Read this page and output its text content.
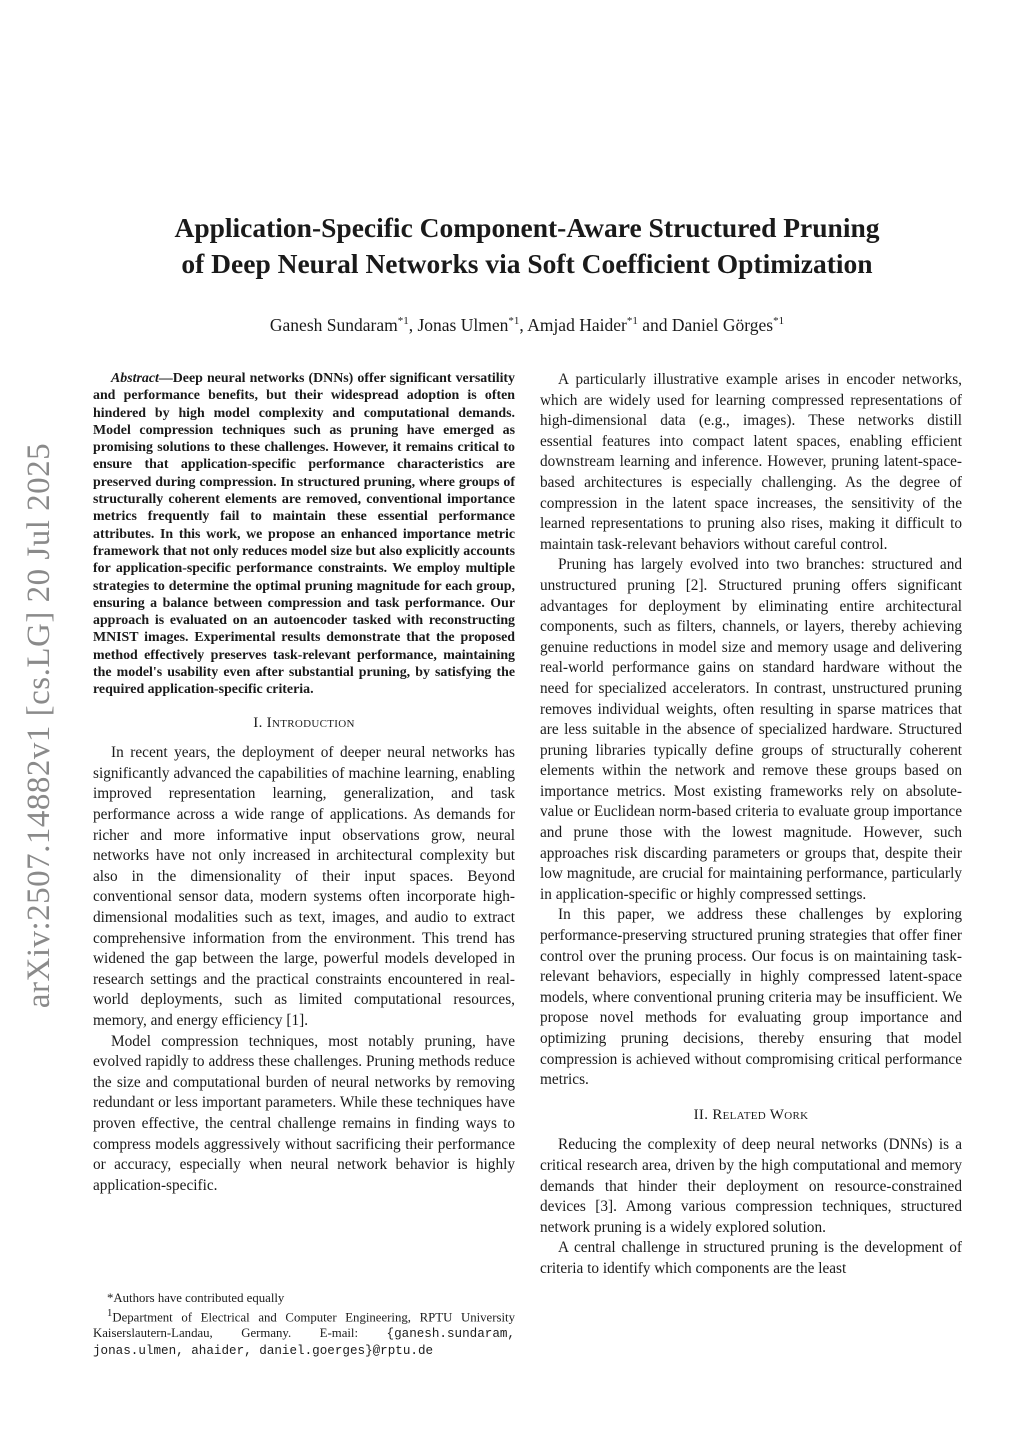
arXiv:2507.14882v1 [cs.LG] 20 Jul 2025
Application-Specific Component-Aware Structured Pruning
of Deep Neural Networks via Soft Coefficient Optimization
Ganesh Sundaram$^{*1}$, Jonas Ulmen$^{*1}$, Amjad Haider$^{*1}$ and Daniel Görges$^{*1}$

Abstract—Deep neural networks (DNNs) offer significant versatility and performance benefits, but their widespread adoption is often hindered by high model complexity and computational demands. Model compression techniques such as pruning have emerged as promising solutions to these challenges. However, it remains critical to ensure that application-specific performance characteristics are preserved during compression. In structured pruning, where groups of structurally coherent elements are removed, conventional importance metrics frequently fail to maintain these essential performance attributes. In this work, we propose an enhanced importance metric framework that not only reduces model size but also explicitly accounts for application-specific performance constraints. We employ multiple strategies to determine the optimal pruning magnitude for each group, ensuring a balance between compression and task performance. Our approach is evaluated on an autoencoder tasked with reconstructing MNIST images. Experimental results demonstrate that the proposed method effectively preserves task-relevant performance, maintaining the model's usability even after substantial pruning, by satisfying the required application-specific criteria.

I. Introduction

In recent years, the deployment of deeper neural networks has significantly advanced the capabilities of machine learning, enabling improved representation learning, generalization, and task performance across a wide range of applications. As demands for richer and more informative input observations grow, neural networks have not only increased in architectural complexity but also in the dimensionality of their input spaces. Beyond conventional sensor data, modern systems often incorporate high-dimensional modalities such as text, images, and audio to extract comprehensive information from the environment. This trend has widened the gap between the large, powerful models developed in research settings and the practical constraints encountered in real-world deployments, such as limited computational resources, memory, and energy efficiency [1].

Model compression techniques, most notably pruning, have evolved rapidly to address these challenges. Pruning methods reduce the size and computational burden of neural networks by removing redundant or less important parameters. While these techniques have proven effective, the central challenge remains in finding ways to compress models aggressively without sacrificing their performance or accuracy, especially when neural network behavior is highly application-specific.

A particularly illustrative example arises in encoder networks, which are widely used for learning compressed representations of high-dimensional data (e.g., images). These networks distill essential features into compact latent spaces, enabling efficient downstream learning and inference. However, pruning latent-space-based architectures is especially challenging. As the degree of compression in the latent space increases, the sensitivity of the learned representations to pruning also rises, making it difficult to maintain task-relevant behaviors without careful control.

Pruning has largely evolved into two branches: structured and unstructured pruning [2]. Structured pruning offers significant advantages for deployment by eliminating entire architectural components, such as filters, channels, or layers, thereby achieving genuine reductions in model size and memory usage and delivering real-world performance gains on standard hardware without the need for specialized accelerators. In contrast, unstructured pruning removes individual weights, often resulting in sparse matrices that are less suitable in the absence of specialized hardware. Structured pruning libraries typically define groups of structurally coherent elements within the network and remove these groups based on importance metrics. Most existing frameworks rely on absolute-value or Euclidean norm-based criteria to evaluate group importance and prune those with the lowest magnitude. However, such approaches risk discarding parameters or groups that, despite their low magnitude, are crucial for maintaining performance, particularly in application-specific or highly compressed settings.

In this paper, we address these challenges by exploring performance-preserving structured pruning strategies that offer finer control over the pruning process. Our focus is on maintaining task-relevant behaviors, especially in highly compressed latent-space models, where conventional pruning criteria may be insufficient. We propose novel methods for evaluating group importance and optimizing pruning decisions, thereby ensuring that model compression is achieved without compromising critical performance metrics.

II. Related Work

Reducing the complexity of deep neural networks (DNNs) is a critical research area, driven by the high computational and memory demands that hinder their deployment on resource-constrained devices [3]. Among various compression techniques, structured network pruning is a widely explored solution.

A central challenge in structured pruning is the development of criteria to identify which components are the least

*Authors have contributed equally

$^1$Department of Electrical and Computer Engineering, RPTU University Kaiserslautern-Landau, Germany. E-mail: {ganesh.sundaram, jonas.ulmen, ahaider, daniel.goerges}@rptu.de
